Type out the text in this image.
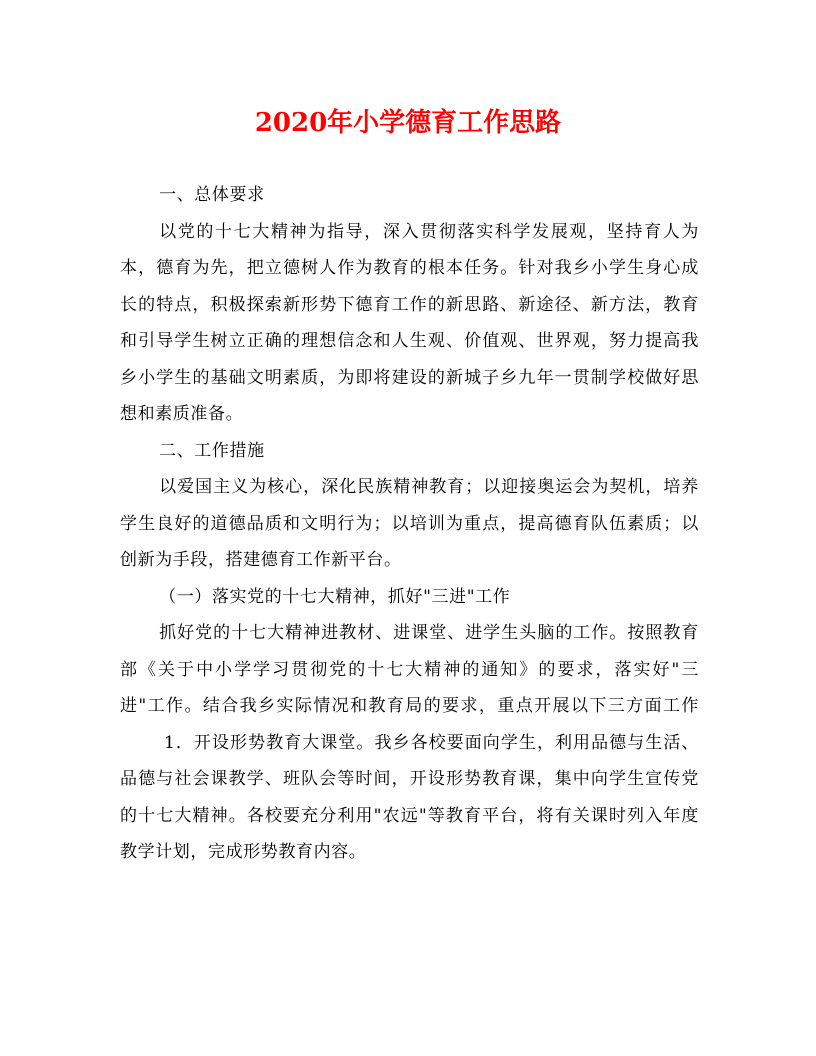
2020年小学德育工作思路

一、总体要求

以党的十七大精神为指导，深入贯彻落实科学发展观，坚持育人为本，德育为先，把立德树人作为教育的根本任务。针对我乡小学生身心成长的特点，积极探索新形势下德育工作的新思路、新途径、新方法，教育和引导学生树立正确的理想信念和人生观、价值观、世界观，努力提高我乡小学生的基础文明素质，为即将建设的新城子乡九年一贯制学校做好思想和素质准备。

二、工作措施

以爱国主义为核心，深化民族精神教育；以迎接奥运会为契机，培养学生良好的道德品质和文明行为；以培训为重点，提高德育队伍素质；以创新为手段，搭建德育工作新平台。

（一）落实党的十七大精神，抓好"三进"工作

抓好党的十七大精神进教材、进课堂、进学生头脑的工作。按照教育部《关于中小学学习贯彻党的十七大精神的通知》的要求，落实好"三进"工作。结合我乡实际情况和教育局的要求，重点开展以下三方面工作1．开设形势教育大课堂。我乡各校要面向学生，利用品德与生活、品德与社会课教学、班队会等时间，开设形势教育课，集中向学生宣传党的十七大精神。各校要充分利用"农远"等教育平台，将有关课时列入年度教学计划，完成形势教育内容。
